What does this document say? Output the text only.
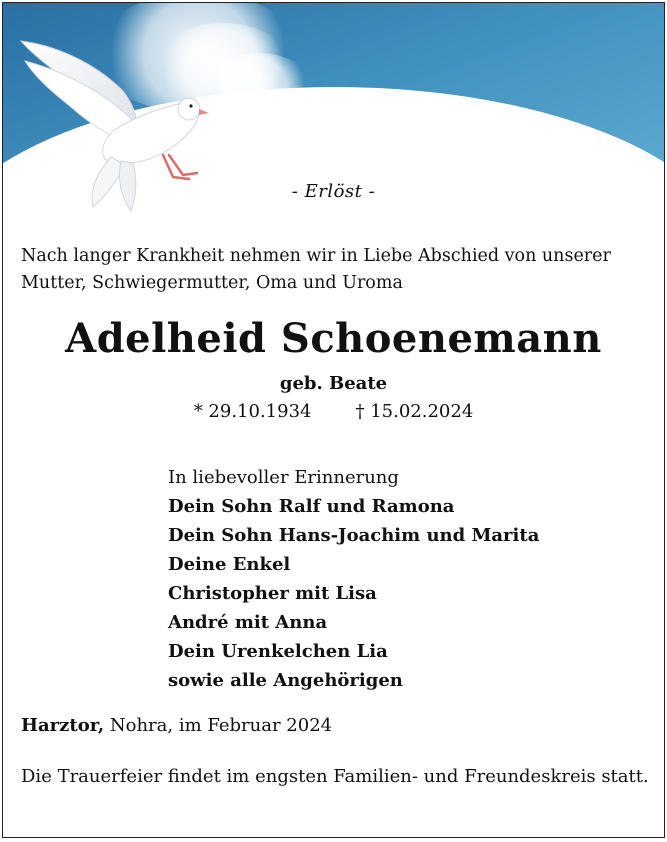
- Erlöst -
Nach langer Krankheit nehmen wir in Liebe Abschied von unserer Mutter, Schwiegermutter, Oma und Uroma
Adelheid Schoenemann
geb. Beate
* 29.10.1934 † 15.02.2024
In liebevoller Erinnerung
Dein Sohn Ralf und Ramona
Dein Sohn Hans-Joachim und Marita
Deine Enkel
Christopher mit Lisa
André mit Anna
Dein Urenkelchen Lia
sowie alle Angehörigen
Harztor, Nohra, im Februar 2024
Die Trauerfeier findet im engsten Familien- und Freundeskreis statt.
